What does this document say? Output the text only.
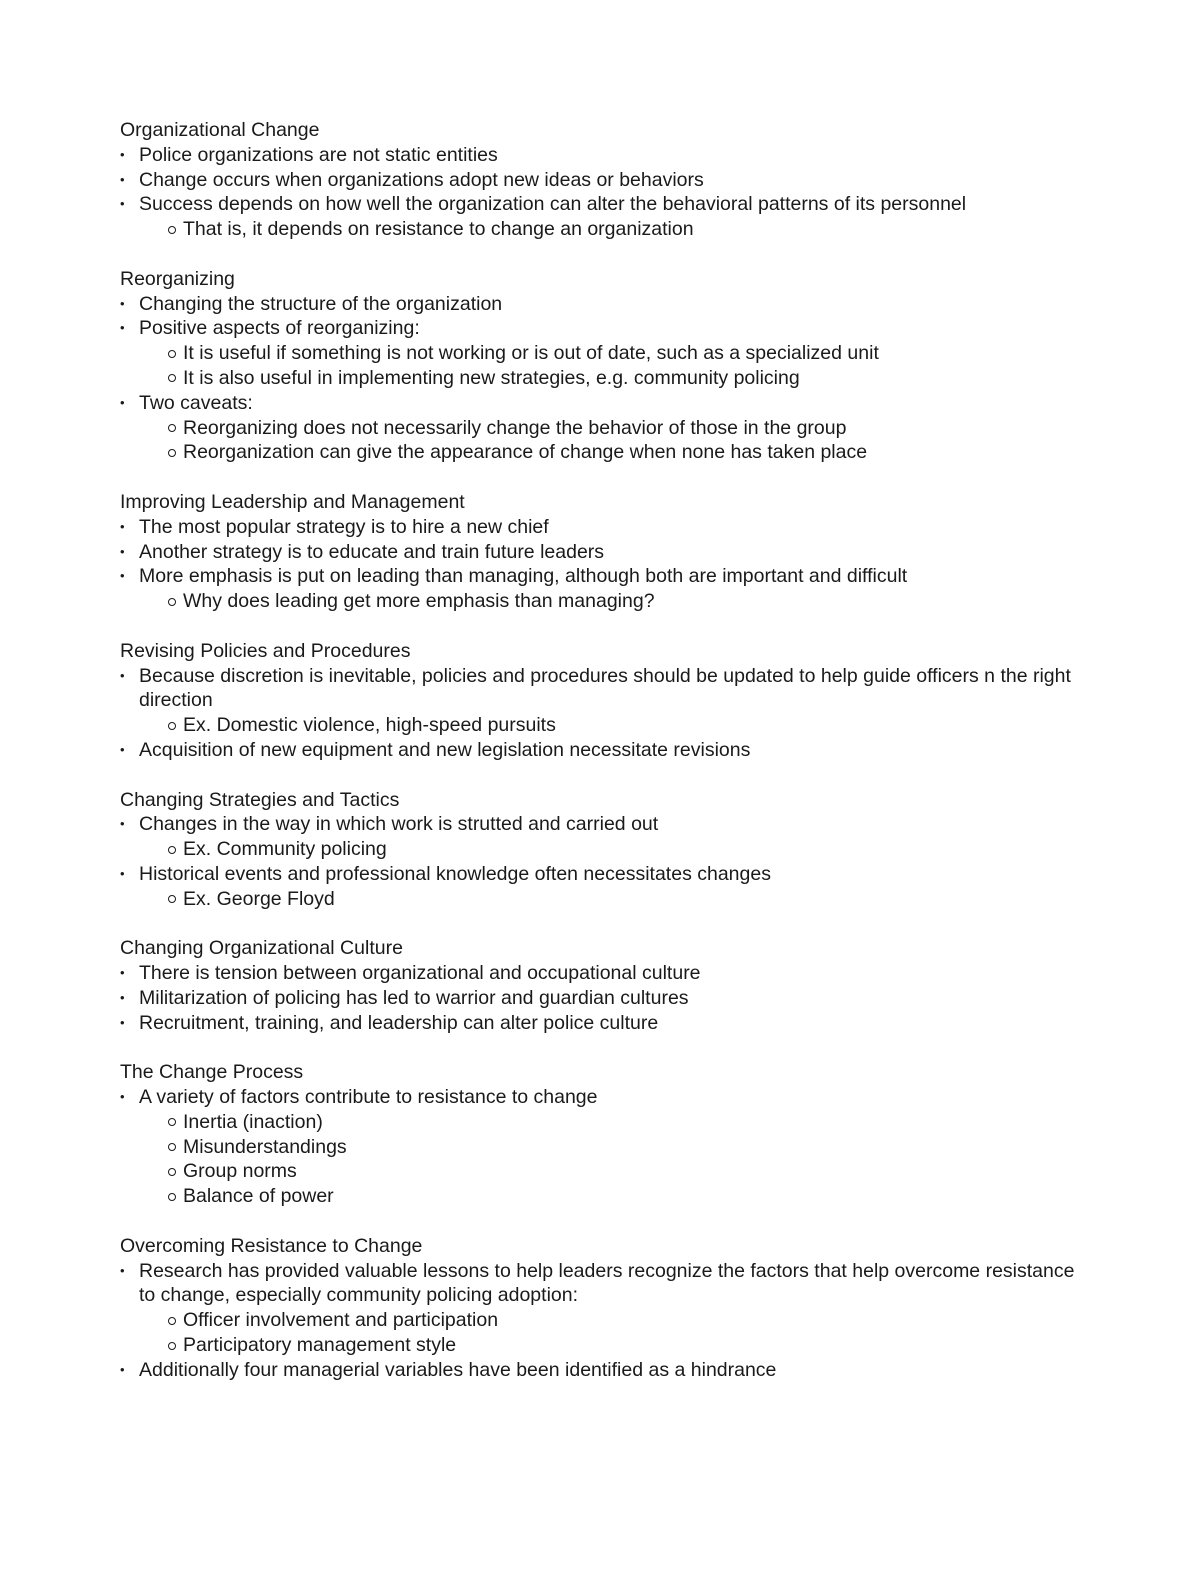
Organizational Change
• Police organizations are not static entities
• Change occurs when organizations adopt new ideas or behaviors
• Success depends on how well the organization can alter the behavioral patterns of its personnel
That is, it depends on resistance to change an organization
Reorganizing
• Changing the structure of the organization
• Positive aspects of reorganizing:
It is useful if something is not working or is out of date, such as a specialized unit
It is also useful in implementing new strategies, e.g. community policing
• Two caveats:
Reorganizing does not necessarily change the behavior of those in the group
Reorganization can give the appearance of change when none has taken place
Improving Leadership and Management
• The most popular strategy is to hire a new chief
• Another strategy is to educate and train future leaders
• More emphasis is put on leading than managing, although both are important and difficult
Why does leading get more emphasis than managing?
Revising Policies and Procedures
• Because discretion is inevitable, policies and procedures should be updated to help guide officers n the right direction
Ex. Domestic violence, high-speed pursuits
• Acquisition of new equipment and new legislation necessitate revisions
Changing Strategies and Tactics
• Changes in the way in which work is strutted and carried out
Ex. Community policing
• Historical events and professional knowledge often necessitates changes
Ex. George Floyd
Changing Organizational Culture
• There is tension between organizational and occupational culture
• Militarization of policing has led to warrior and guardian cultures
• Recruitment, training, and leadership can alter police culture
The Change Process
• A variety of factors contribute to resistance to change
Inertia (inaction)
Misunderstandings
Group norms
Balance of power
Overcoming Resistance to Change
• Research has provided valuable lessons to help leaders recognize the factors that help overcome resistance to change, especially community policing adoption:
Officer involvement and participation
Participatory management style
• Additionally four managerial variables have been identified as a hindrance
